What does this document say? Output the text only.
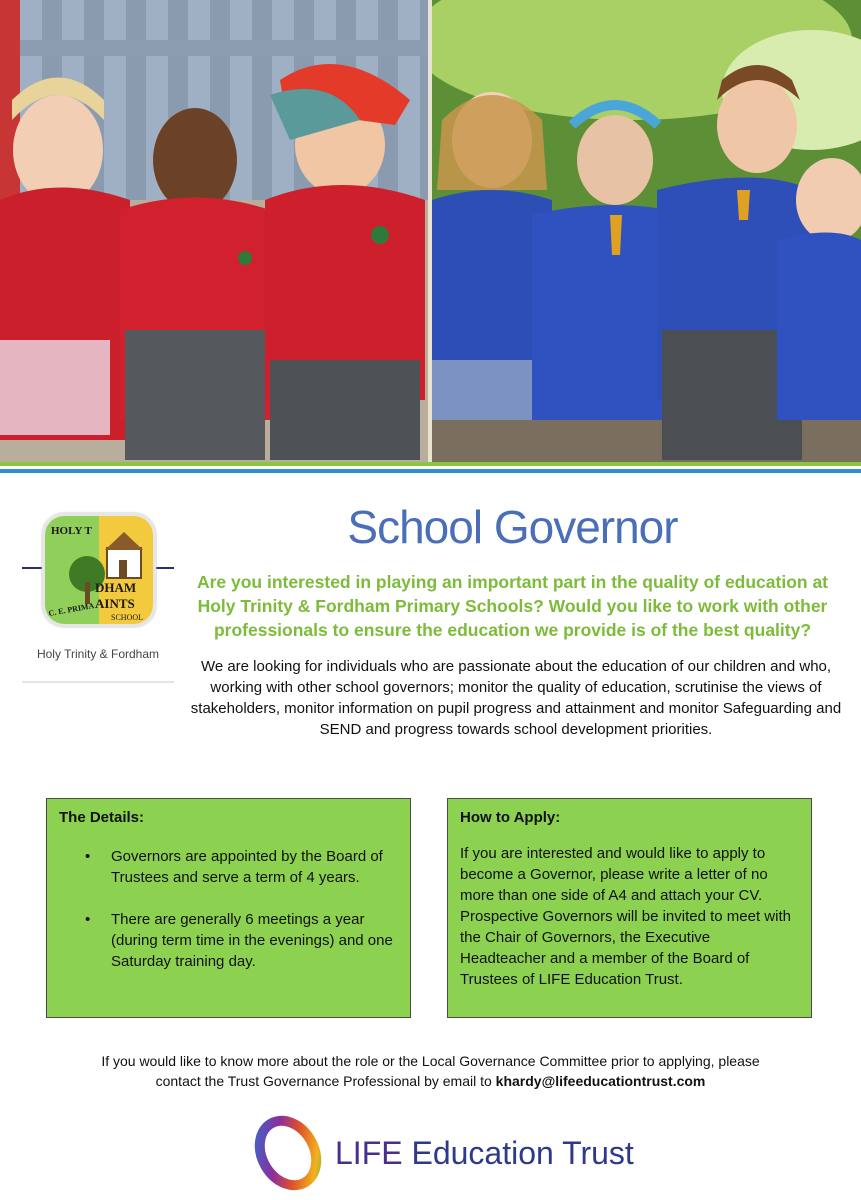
HOLY T
DHAM
AINTS
C. E. PRIMA SCHOOL
Holy Trinity & Fordham
School Governor

Are you interested in playing an important part in the quality of education at Holy Trinity & Fordham Primary Schools? Would you like to work with other professionals to ensure the education we provide is of the best quality?

We are looking for individuals who are passionate about the education of our children and who, working with other school governors; monitor the quality of education, scrutinise the views of stakeholders, monitor information on pupil progress and attainment and monitor Safeguarding and SEND and progress towards school development priorities.

The Details:
• Governors are appointed by the Board of Trustees and serve a term of 4 years.
• There are generally 6 meetings a year (during term time in the evenings) and one Saturday training day.
How to Apply:

If you are interested and would like to apply to become a Governor, please write a letter of no more than one side of A4 and attach your CV. Prospective Governors will be invited to meet with the Chair of Governors, the Executive Headteacher and a member of the Board of Trustees of LIFE Education Trust.

If you would like to know more about the role or the Local Governance Committee prior to applying, please
contact the Trust Governance Professional by email to khardy@lifeeducationtrust.com
LIFE Education Trust
